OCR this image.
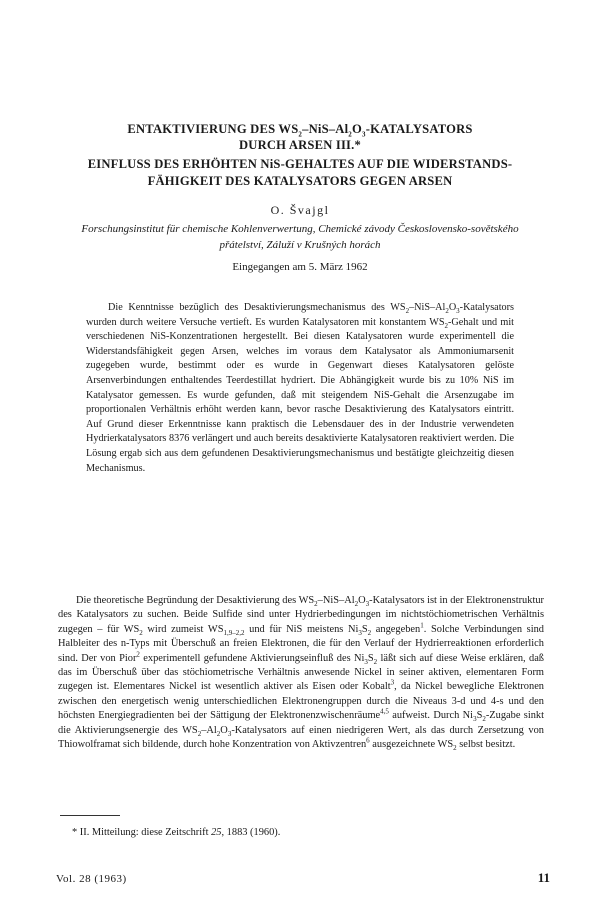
ENTAKTIVIERUNG DES $WS_2-NiS-Al_2O_3$-KATALYSATORS
DURCH ARSEN III.*
EINFLUSS DES ERHÖHTEN NiS-GEHALTES AUF DIE WIDERSTANDS-
FÄHIGKEIT DES KATALYSATORS GEGEN ARSEN
O. Švajgl
Forschungsinstitut für chemische Kohlenverwertung, Chemické závody Československo-sovětského
přátelství, Záluží v Krušných horách
Eingegangen am 5. März 1962

Die Kenntnisse bezüglich des Desaktivierungsmechanismus des $WS_2-NiS-Al_2O_3$-Katalysators wurden durch weitere Versuche vertieft. Es wurden Katalysatoren mit konstantem $WS_2$-Gehalt und mit verschiedenen NiS-Konzentrationen hergestellt. Bei diesen Katalysatoren wurde experimentell die Widerstandsfähigkeit gegen Arsen, welches im voraus dem Katalysator als Ammoniumarsenit zugegeben wurde, bestimmt oder es wurde in Gegenwart dieses Katalysatoren gelöste Arsenverbindungen enthaltendes Teerdestillat hydriert. Die Abhängigkeit wurde bis zu 10% NiS im Katalysator gemessen. Es wurde gefunden, daß mit steigendem NiS-Gehalt die Arsenzugabe im proportionalen Verhältnis erhöht werden kann, bevor rasche Desaktivierung des Katalysators eintritt. Auf Grund dieser Erkenntnisse kann praktisch die Lebensdauer des in der Industrie verwendeten Hydrierkatalysators 8376 verlängert und auch bereits desaktivierte Katalysatoren reaktiviert werden. Die Lösung ergab sich aus dem gefundenen Desaktivierungsmechanismus und bestätigte gleichzeitig diesen Mechanismus.

Die theoretische Begründung der Desaktivierung des $WS_2-NiS-Al_2O_3$-Katalysators ist in der Elektronenstruktur des Katalysators zu suchen. Beide Sulfide sind unter Hydrierbedingungen im nichtstöchiometrischen Verhältnis zugegen – für $WS_2$ wird zumeist $WS_{1,9-2,2}$ und für NiS meistens $Ni_3S_2$ angegeben$^1$. Solche Verbindungen sind Halbleiter des n-Typs mit Überschuß an freien Elektronen, die für den Verlauf der Hydrierreaktionen erforderlich sind. Der von Pior$^2$ experimentell gefundene Aktivierungseinfluß des $Ni_3S_2$ läßt sich auf diese Weise erklären, daß das im Überschuß über das stöchiometrische Verhältnis anwesende Nickel in seiner aktiven, elementaren Form zugegen ist. Elementares Nickel ist wesentlich aktiver als Eisen oder Kobalt$^3$, da Nickel bewegliche Elektronen zwischen den energetisch wenig unterschiedlichen Elektronengruppen durch die Niveaus 3-d und 4-s und den höchsten Energiegradienten bei der Sättigung der Elektronenzwischenräume$^{4,5}$ aufweist. Durch $Ni_3S_2$-Zugabe sinkt die Aktivierungsenergie des $WS_2-Al_2O_3$-Katalysators auf einen niedrigeren Wert, als das durch Zersetzung von Thiowolframat sich bildende, durch hohe Konzentration von Aktivzentren$^6$ ausgezeichnete $WS_2$ selbst besitzt.

* II. Mitteilung: diese Zeitschrift 25, 1883 (1960).
Vol. 28 (1963)	11
